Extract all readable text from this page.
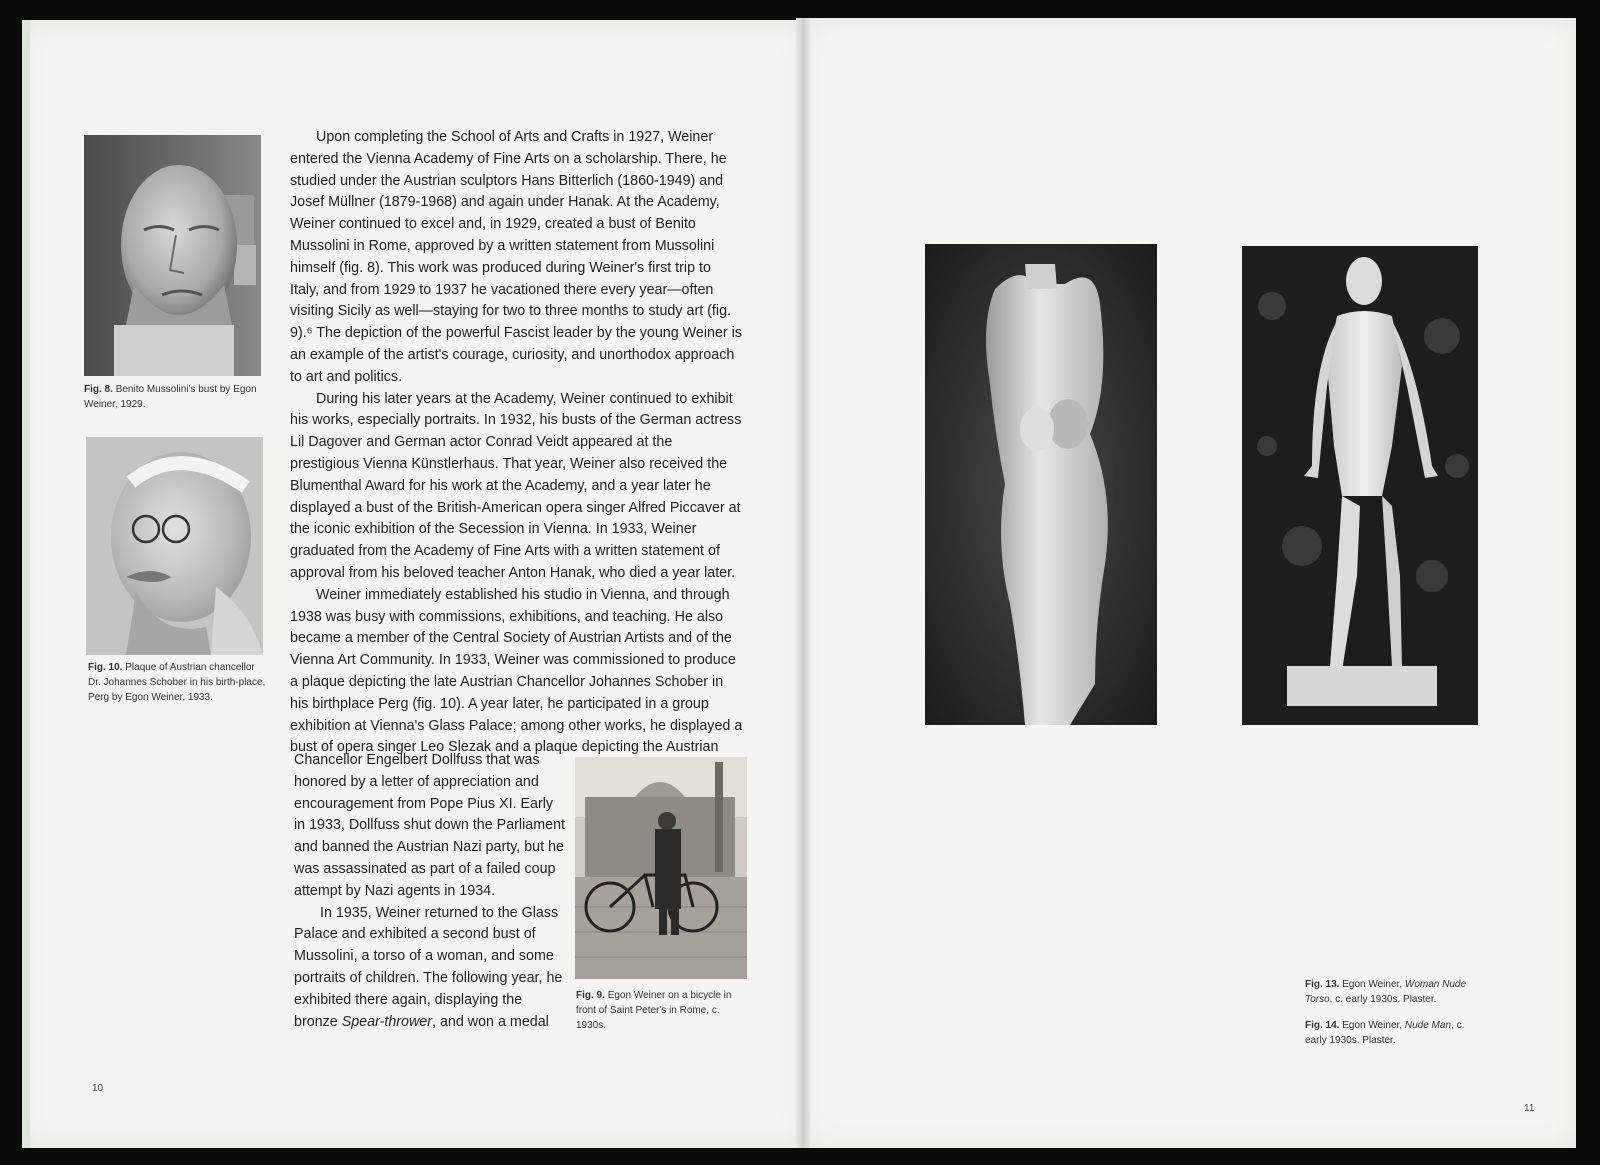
Fig. 8. Benito Mussolini's bust by Egon Weiner, 1929.
Fig. 10. Plaque of Austrian chancellor Dr. Johannes Schober in his birth-place, Perg by Egon Weiner, 1933.

Upon completing the School of Arts and Crafts in 1927, Weiner entered the Vienna Academy of Fine Arts on a scholarship. There, he studied under the Austrian sculptors Hans Bitterlich (1860-1949) and Josef Müllner (1879-1968) and again under Hanak. At the Academy, Weiner continued to excel and, in 1929, created a bust of Benito Mussolini in Rome, approved by a written statement from Mussolini himself (fig. 8). This work was produced during Weiner's first trip to Italy, and from 1929 to 1937 he vacationed there every year—often visiting Sicily as well—staying for two to three months to study art (fig. 9).⁶ The depiction of the powerful Fascist leader by the young Weiner is an example of the artist's courage, curiosity, and unorthodox approach to art and politics.

During his later years at the Academy, Weiner continued to exhibit his works, especially portraits. In 1932, his busts of the German actress Lil Dagover and German actor Conrad Veidt appeared at the prestigious Vienna Künstlerhaus. That year, Weiner also received the Blumenthal Award for his work at the Academy, and a year later he displayed a bust of the British-American opera singer Alfred Piccaver at the iconic exhibition of the Secession in Vienna. In 1933, Weiner graduated from the Academy of Fine Arts with a written statement of approval from his beloved teacher Anton Hanak, who died a year later.

Weiner immediately established his studio in Vienna, and through 1938 was busy with commissions, exhibitions, and teaching. He also became a member of the Central Society of Austrian Artists and of the Vienna Art Community. In 1933, Weiner was commissioned to produce a plaque depicting the late Austrian Chancellor Johannes Schober in his birthplace Perg (fig. 10). A year later, he participated in a group exhibition at Vienna's Glass Palace; among other works, he displayed a bust of opera singer Leo Slezak and a plaque depicting the Austrian

Chancellor Engelbert Dollfuss that was honored by a letter of appreciation and encouragement from Pope Pius XI. Early in 1933, Dollfuss shut down the Parliament and banned the Austrian Nazi party, but he was assassinated as part of a failed coup attempt by Nazi agents in 1934.

In 1935, Weiner returned to the Glass Palace and exhibited a second bust of Mussolini, a torso of a woman, and some portraits of children. The following year, he exhibited there again, displaying the bronze Spear-thrower, and won a medal

Fig. 9. Egon Weiner on a bicycle in front of Saint Peter's in Rome, c. 1930s.
10
Fig. 13. Egon Weiner, Woman Nude Torso, c. early 1930s. Plaster.
Fig. 14. Egon Weiner, Nude Man, c. early 1930s. Plaster.
11
